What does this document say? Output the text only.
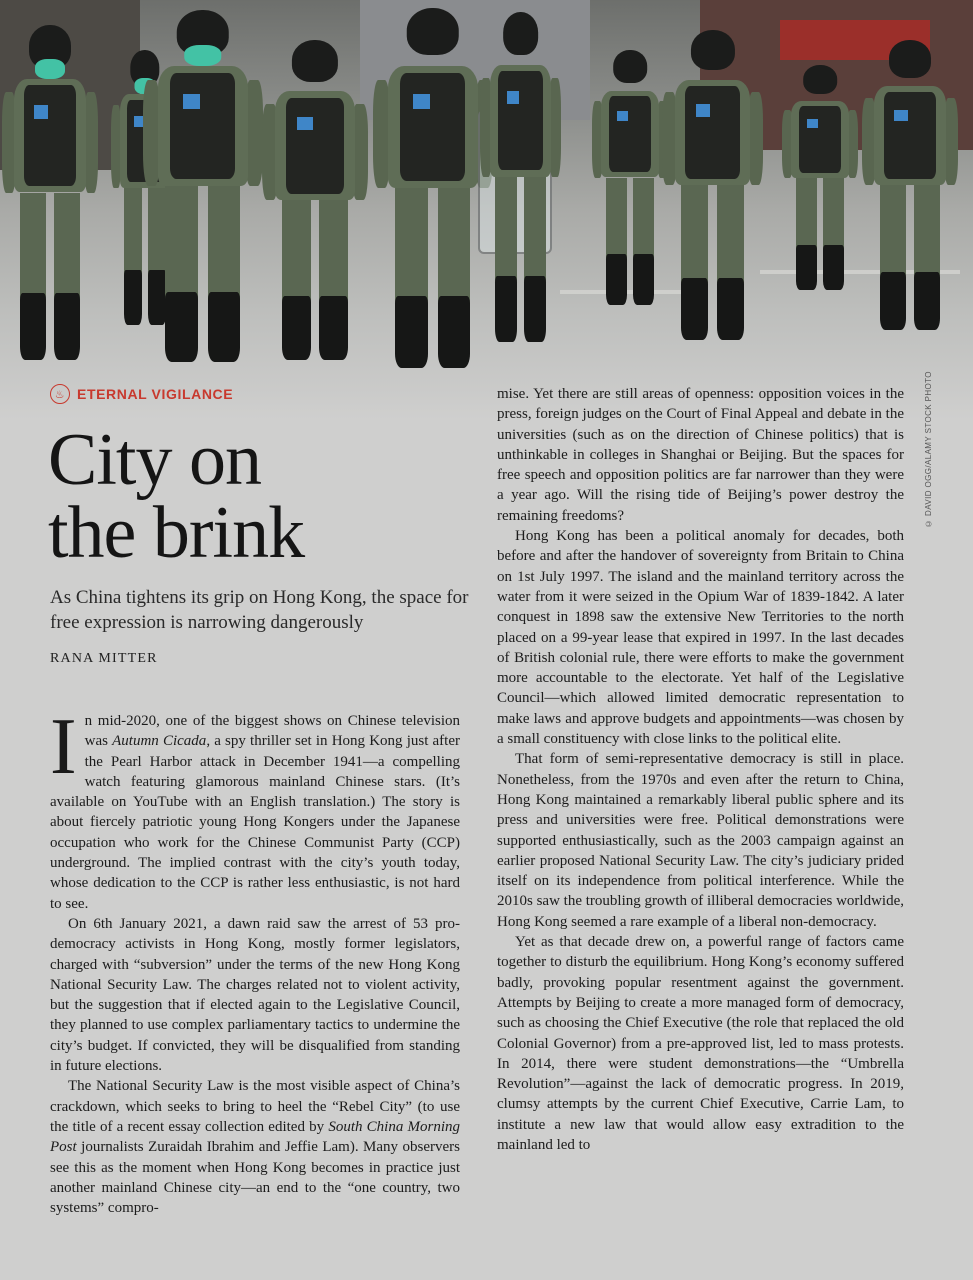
© DAVID OGG/ALAMY STOCK PHOTO
♨ ETERNAL VIGILANCE
City on
the brink

As China tightens its grip on Hong Kong, the space for free expression is narrowing dangerously

RANA MITTER

In mid-2020, one of the biggest shows on Chinese television was Autumn Cicada, a spy thriller set in Hong Kong just after the Pearl Harbor attack in December 1941—a compelling watch featuring glamorous mainland Chinese stars. (It’s available on YouTube with an English translation.) The story is about fiercely patriotic young Hong Kongers under the Japanese occupation who work for the Chinese Communist Party (CCP) underground. The implied contrast with the city’s youth today, whose dedication to the CCP is rather less enthusiastic, is not hard to see.

On 6th January 2021, a dawn raid saw the arrest of 53 pro-democracy activists in Hong Kong, mostly former legislators, charged with “subversion” under the terms of the new Hong Kong National Security Law. The charges related not to violent activity, but the suggestion that if elected again to the Legislative Council, they planned to use complex parliamentary tactics to undermine the city’s budget. If convicted, they will be disqualified from standing in future elections.

The National Security Law is the most visible aspect of China’s crackdown, which seeks to bring to heel the “Rebel City” (to use the title of a recent essay collection edited by South China Morning Post journalists Zuraidah Ibrahim and Jeffie Lam). Many observers see this as the moment when Hong Kong becomes in practice just another mainland Chinese city—an end to the “one country, two systems” compro-

mise. Yet there are still areas of openness: opposition voices in the press, foreign judges on the Court of Final Appeal and debate in the universities (such as on the direction of Chinese politics) that is unthinkable in colleges in Shanghai or Beijing. But the spaces for free speech and opposition politics are far narrower than they were a year ago. Will the rising tide of Beijing’s power destroy the remaining freedoms?

Hong Kong has been a political anomaly for decades, both before and after the handover of sovereignty from Britain to China on 1st July 1997. The island and the mainland territory across the water from it were seized in the Opium War of 1839-1842. A later conquest in 1898 saw the extensive New Territories to the north placed on a 99-year lease that expired in 1997. In the last decades of British colonial rule, there were efforts to make the government more accountable to the electorate. Yet half of the Legislative Council—which allowed limited democratic representation to make laws and approve budgets and appointments—was chosen by a small constituency with close links to the political elite.

That form of semi-representative democracy is still in place. Nonetheless, from the 1970s and even after the return to China, Hong Kong maintained a remarkably liberal public sphere and its press and universities were free. Political demonstrations were supported enthusiastically, such as the 2003 campaign against an earlier proposed National Security Law. The city’s judiciary prided itself on its independence from political interference. While the 2010s saw the troubling growth of illiberal democracies worldwide, Hong Kong seemed a rare example of a liberal non-democracy.

Yet as that decade drew on, a powerful range of factors came together to disturb the equilibrium. Hong Kong’s economy suffered badly, provoking popular resentment against the government. Attempts by Beijing to create a more managed form of democracy, such as choosing the Chief Executive (the role that replaced the old Colonial Governor) from a pre-approved list, led to mass protests. In 2014, there were student demonstrations—the “Umbrella Revolution”—against the lack of democratic progress. In 2019, clumsy attempts by the current Chief Executive, Carrie Lam, to institute a new law that would allow easy extradition to the mainland led to
